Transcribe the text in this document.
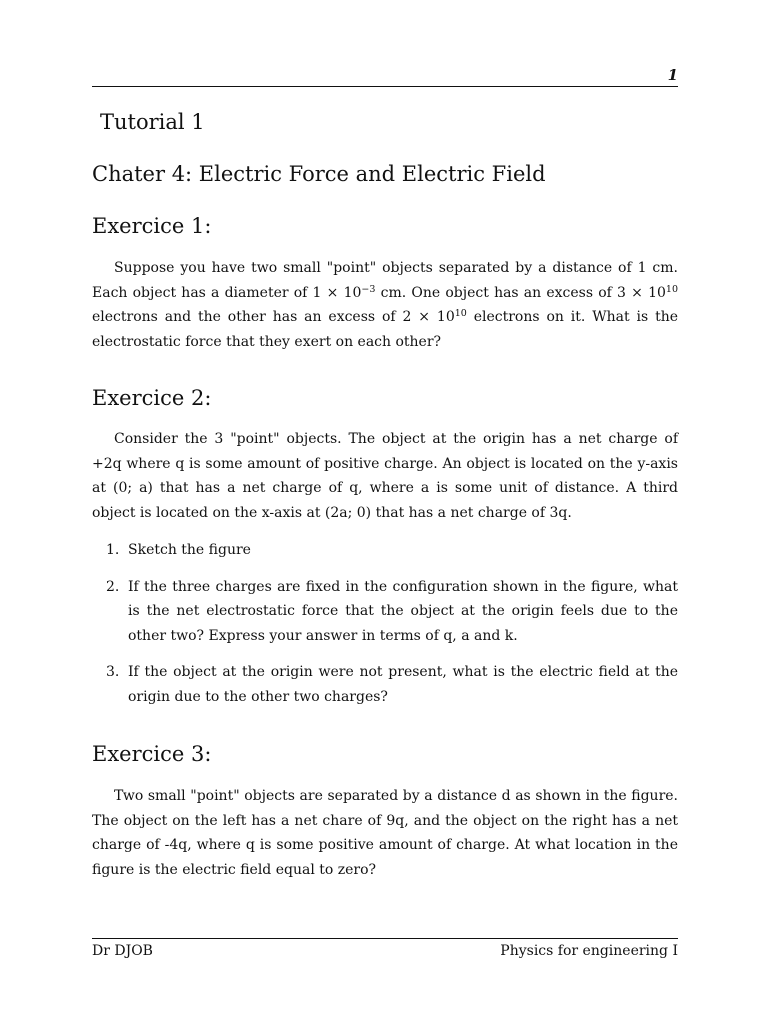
1
Tutorial 1
Chater 4: Electric Force and Electric Field
Exercice 1:

Suppose you have two small "point" objects separated by a distance of 1 cm. Each object has a diameter of $1 \times 10^{-3}$ cm. One object has an excess of $3 \times 10^{10}$ electrons and the other has an excess of $2 \times 10^{10}$ electrons on it. What is the electrostatic force that they exert on each other?

Exercice 2:

Consider the 3 "point" objects. The object at the origin has a net charge of +2q where q is some amount of positive charge. An object is located on the y-axis at (0; a) that has a net charge of q, where a is some unit of distance. A third object is located on the x-axis at (2a; 0) that has a net charge of 3q.

1. Sketch the figure
2. If the three charges are fixed in the configuration shown in the figure, what is the net electrostatic force that the object at the origin feels due to the other two? Express your answer in terms of q, a and k.
3. If the object at the origin were not present, what is the electric field at the origin due to the other two charges?
Exercice 3:

Two small "point" objects are separated by a distance d as shown in the figure. The object on the left has a net chare of 9q, and the object on the right has a net charge of -4q, where q is some positive amount of charge. At what location in the figure is the electric field equal to zero?

Dr DJOB	Physics for engineering I
